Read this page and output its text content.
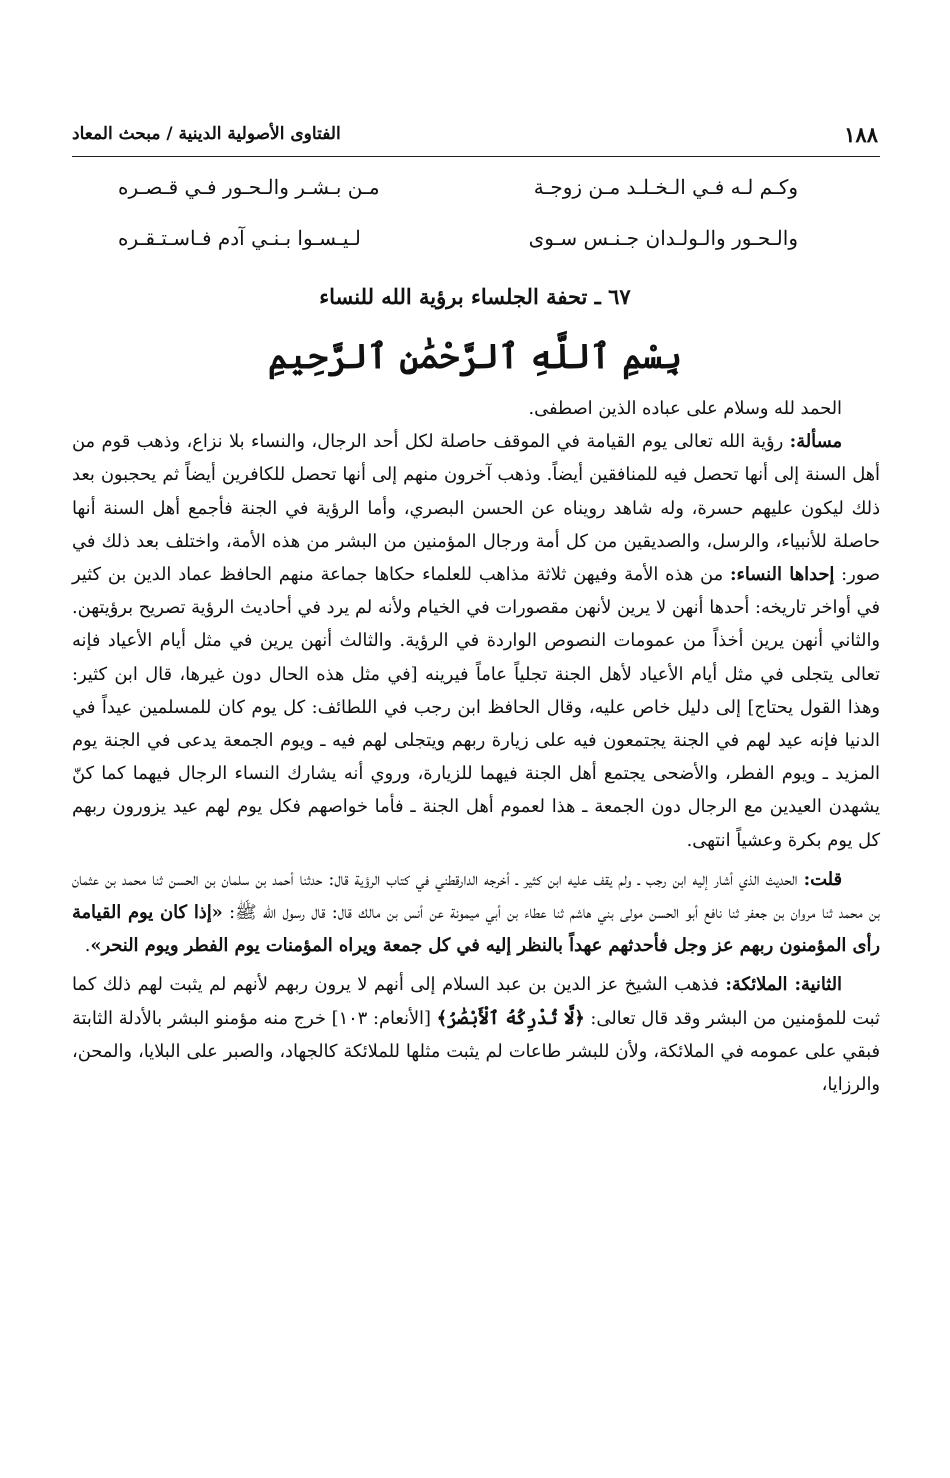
١٨٨
الفتاوى الأصولية الدينية / مبحث المعاد
وكـم لـه فـي الـخـلـد مـن زوجـة
مـن بـشـر والـحـور فـي قـصـره
والـحـور والـولـدان جـنـس سـوى
لـيـسـوا بـنـي آدم فـاسـتـقـره
٦٧ ـ تحفة الجلساء برؤية الله للنساء
بِسْمِ ٱللَّهِ ٱلرَّحْمَٰنِ ٱلرَّحِيمِ

الحمد لله وسلام على عباده الذين اصطفى.

مسألة: رؤية الله تعالى يوم القيامة في الموقف حاصلة لكل أحد الرجال، والنساء بلا نزاع، وذهب قوم من أهل السنة إلى أنها تحصل فيه للمنافقين أيضاً. وذهب آخرون منهم إلى أنها تحصل للكافرين أيضاً ثم يحجبون بعد ذلك ليكون عليهم حسرة، وله شاهد رويناه عن الحسن البصري، وأما الرؤية في الجنة فأجمع أهل السنة أنها حاصلة للأنبياء، والرسل، والصديقين من كل أمة ورجال المؤمنين من البشر من هذه الأمة، واختلف بعد ذلك في صور: إحداها النساء: من هذه الأمة وفيهن ثلاثة مذاهب للعلماء حكاها جماعة منهم الحافظ عماد الدين بن كثير في أواخر تاريخه: أحدها أنهن لا يرين لأنهن مقصورات في الخيام ولأنه لم يرد في أحاديث الرؤية تصريح برؤيتهن. والثاني أنهن يرين أخذاً من عمومات النصوص الواردة في الرؤية. والثالث أنهن يرين في مثل أيام الأعياد فإنه تعالى يتجلى في مثل أيام الأعياد لأهل الجنة تجلياً عاماً فيرينه [في مثل هذه الحال دون غيرها، قال ابن كثير: وهذا القول يحتاج] إلى دليل خاص عليه، وقال الحافظ ابن رجب في اللطائف: كل يوم كان للمسلمين عيداً في الدنيا فإنه عيد لهم في الجنة يجتمعون فيه على زيارة ربهم ويتجلى لهم فيه ـ ويوم الجمعة يدعى في الجنة يوم المزيد ـ ويوم الفطر، والأضحى يجتمع أهل الجنة فيهما للزيارة، وروي أنه يشارك النساء الرجال فيهما كما كنّ يشهدن العيدين مع الرجال دون الجمعة ـ هذا لعموم أهل الجنة ـ فأما خواصهم فكل يوم لهم عيد يزورون ربهم كل يوم بكرة وعشياً انتهى.

قلت: الحديث الذي أشار إليه ابن رجب ـ ولم يقف عليه ابن كثير ـ أخرجه الدارقطني في كتاب الرؤية قال: حدثنا أحمد بن سلمان بن الحسن ثنا محمد بن عثمان بن محمد ثنا مروان بن جعفر ثنا نافع أبو الحسن مولى بني هاشم ثنا عطاء بن أبي ميمونة عن أنس بن مالك قال: قال رسول الله ﷺ: «إذا كان يوم القيامة رأى المؤمنون ربهم عز وجل فأحدثهم عهداً بالنظر إليه في كل جمعة ويراه المؤمنات يوم الفطر ويوم النحر».

الثانية: الملائكة: فذهب الشيخ عز الدين بن عبد السلام إلى أنهم لا يرون ربهم لأنهم لم يثبت لهم ذلك كما ثبت للمؤمنين من البشر وقد قال تعالى: ﴿لَّا تُدْرِكُهُ ٱلْأَبْصَٰرُ﴾ [الأنعام: ١٠٣] خرج منه مؤمنو البشر بالأدلة الثابتة فبقي على عمومه في الملائكة، ولأن للبشر طاعات لم يثبت مثلها للملائكة كالجهاد، والصبر على البلايا، والمحن، والرزايا،
